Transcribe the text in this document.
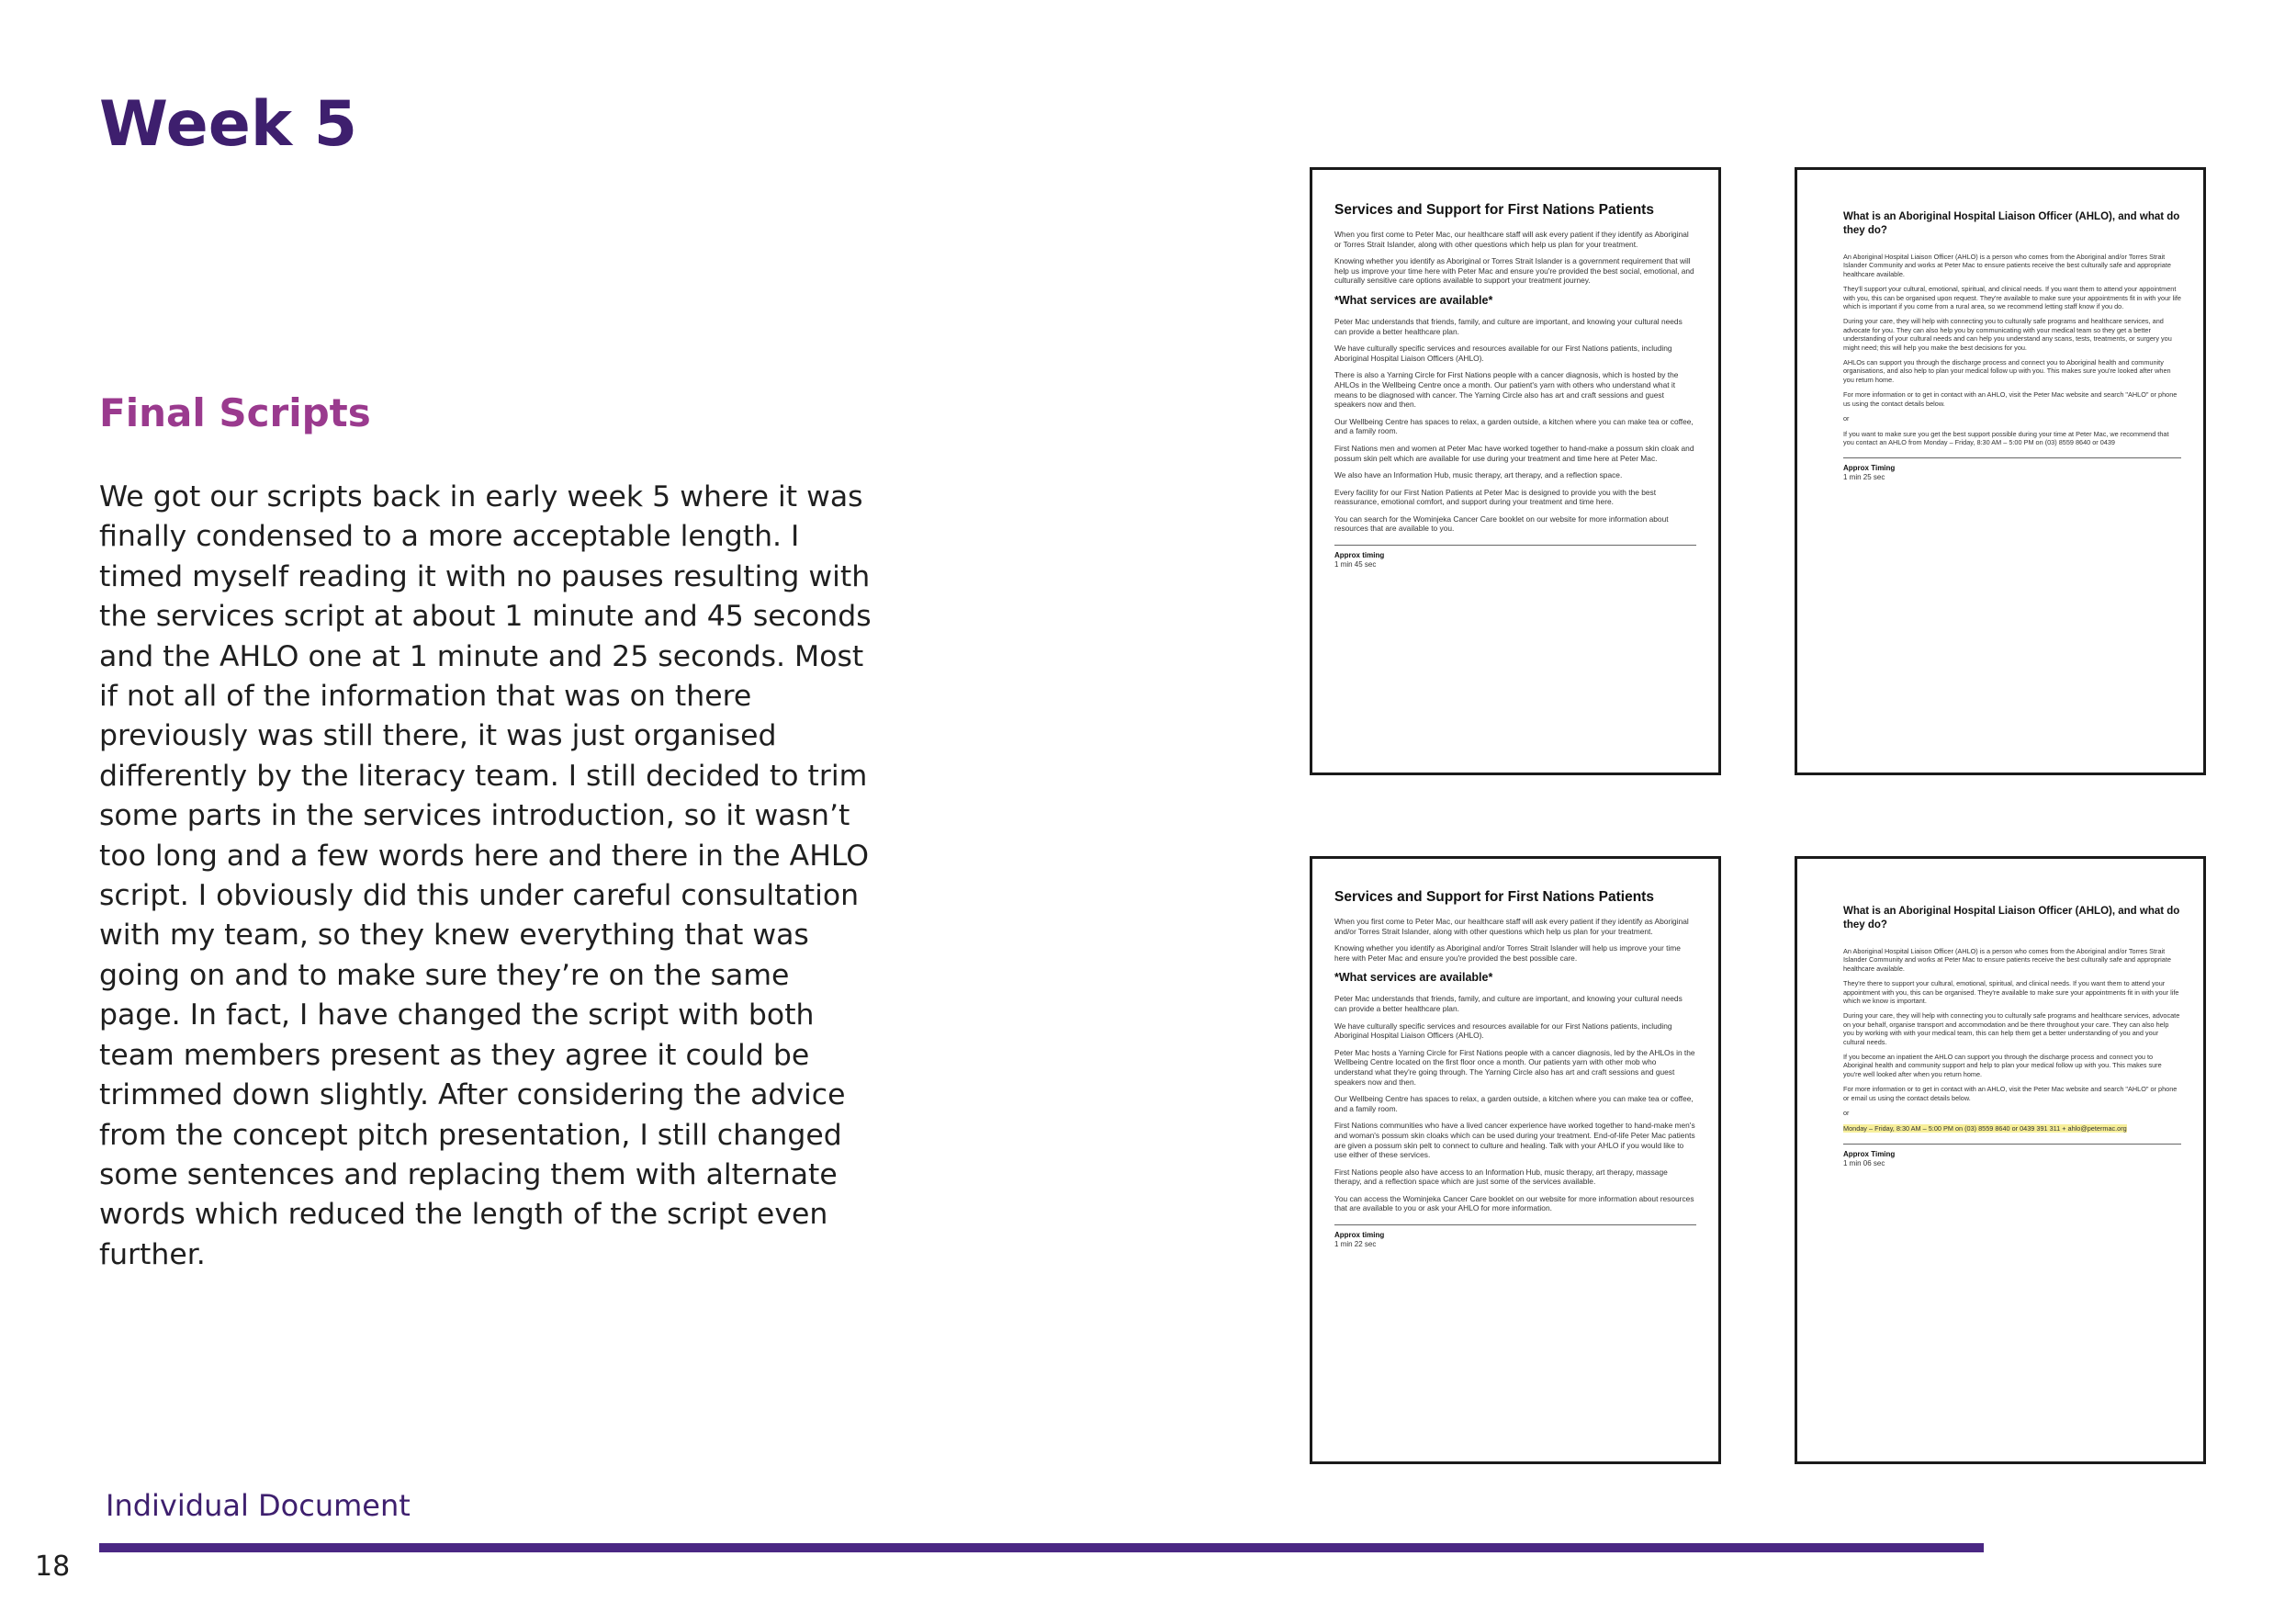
Week 5
Final Scripts

We got our scripts back in early week 5 where it was finally condensed to a more acceptable length. I timed myself reading it with no pauses resulting with the services script at about 1 minute and 45 seconds and the AHLO one at 1 minute and 25 seconds. Most if not all of the information that was on there previously was still there, it was just organised differently by the literacy team. I still decided to trim some parts in the services introduction, so it wasn’t too long and a few words here and there in the AHLO script. I obviously did this under careful consultation with my team, so they knew everything that was going on and to make sure they’re on the same page. In fact, I have changed the script with both team members present as they agree it could be trimmed down slightly. After considering the advice from the concept pitch presentation, I still changed some sentences and replacing them with alternate words which reduced the length of the script even further.

Services and Support for First Nations Patients

When you first come to Peter Mac, our healthcare staff will ask every patient if they identify as Aboriginal or Torres Strait Islander, along with other questions which help us plan for your treatment.

Knowing whether you identify as Aboriginal or Torres Strait Islander is a government requirement that will help us improve your time here with Peter Mac and ensure you're provided the best social, emotional, and culturally sensitive care options available to support your treatment journey.

*What services are available*

Peter Mac understands that friends, family, and culture are important, and knowing your cultural needs can provide a better healthcare plan.

We have culturally specific services and resources available for our First Nations patients, including Aboriginal Hospital Liaison Officers (AHLO).

There is also a Yarning Circle for First Nations people with a cancer diagnosis, which is hosted by the AHLOs in the Wellbeing Centre once a month. Our patient's yarn with others who understand what it means to be diagnosed with cancer. The Yarning Circle also has art and craft sessions and guest speakers now and then.

Our Wellbeing Centre has spaces to relax, a garden outside, a kitchen where you can make tea or coffee, and a family room.

First Nations men and women at Peter Mac have worked together to hand-make a possum skin cloak and possum skin pelt which are available for use during your treatment and time here at Peter Mac.

We also have an Information Hub, music therapy, art therapy, and a reflection space.

Every facility for our First Nation Patients at Peter Mac is designed to provide you with the best reassurance, emotional comfort, and support during your treatment and time here.

You can search for the Wominjeka Cancer Care booklet on our website for more information about resources that are available to you.

Approx timing
1 min 45 sec
What is an Aboriginal Hospital Liaison Officer (AHLO), and what do they do?

An Aboriginal Hospital Liaison Officer (AHLO) is a person who comes from the Aboriginal and/or Torres Strait Islander Community and works at Peter Mac to ensure patients receive the best culturally safe and appropriate healthcare available.

They'll support your cultural, emotional, spiritual, and clinical needs. If you want them to attend your appointment with you, this can be organised upon request. They're available to make sure your appointments fit in with your life which is important if you come from a rural area, so we recommend letting staff know if you do.

During your care, they will help with connecting you to culturally safe programs and healthcare services, and advocate for you. They can also help you by communicating with your medical team so they get a better understanding of your cultural needs and can help you understand any scans, tests, treatments, or surgery you might need; this will help you make the best decisions for you.

AHLOs can support you through the discharge process and connect you to Aboriginal health and community organisations, and also help to plan your medical follow up with you. This makes sure you're looked after when you return home.

For more information or to get in contact with an AHLO, visit the Peter Mac website and search "AHLO" or phone us using the contact details below.

or

If you want to make sure you get the best support possible during your time at Peter Mac, we recommend that you contact an AHLO from Monday – Friday, 8:30 AM – 5:00 PM on (03) 8559 8640 or 0439

Approx Timing
1 min 25 sec
Services and Support for First Nations Patients

When you first come to Peter Mac, our healthcare staff will ask every patient if they identify as Aboriginal and/or Torres Strait Islander, along with other questions which help us plan for your treatment.

Knowing whether you identify as Aboriginal and/or Torres Strait Islander will help us improve your time here with Peter Mac and ensure you're provided the best possible care.

*What services are available*

Peter Mac understands that friends, family, and culture are important, and knowing your cultural needs can provide a better healthcare plan.

We have culturally specific services and resources available for our First Nations patients, including Aboriginal Hospital Liaison Officers (AHLO).

Peter Mac hosts a Yarning Circle for First Nations people with a cancer diagnosis, led by the AHLOs in the Wellbeing Centre located on the first floor once a month. Our patients yarn with other mob who understand what they're going through. The Yarning Circle also has art and craft sessions and guest speakers now and then.

Our Wellbeing Centre has spaces to relax, a garden outside, a kitchen where you can make tea or coffee, and a family room.

First Nations communities who have a lived cancer experience have worked together to hand-make men's and woman's possum skin cloaks which can be used during your treatment. End-of-life Peter Mac patients are given a possum skin pelt to connect to culture and healing. Talk with your AHLO if you would like to use either of these services.

First Nations people also have access to an Information Hub, music therapy, art therapy, massage therapy, and a reflection space which are just some of the services available.

You can access the Wominjeka Cancer Care booklet on our website for more information about resources that are available to you or ask your AHLO for more information.

Approx timing
1 min 22 sec
What is an Aboriginal Hospital Liaison Officer (AHLO), and what do they do?

An Aboriginal Hospital Liaison Officer (AHLO) is a person who comes from the Aboriginal and/or Torres Strait Islander Community and works at Peter Mac to ensure patients receive the best culturally safe and appropriate healthcare available.

They're there to support your cultural, emotional, spiritual, and clinical needs. If you want them to attend your appointment with you, this can be organised. They're available to make sure your appointments fit in with your life which we know is important.

During your care, they will help with connecting you to culturally safe programs and healthcare services, advocate on your behalf, organise transport and accommodation and be there throughout your care. They can also help you by working with with your medical team, this can help them get a better understanding of you and your cultural needs.

If you become an inpatient the AHLO can support you through the discharge process and connect you to Aboriginal health and community support and help to plan your medical follow up with you. This makes sure you're well looked after when you return home.

For more information or to get in contact with an AHLO, visit the Peter Mac website and search "AHLO" or phone or email us using the contact details below.

or

Monday – Friday, 8:30 AM – 5:00 PM on (03) 8559 8640 or 0439 391 311 + ahlo@petermac.org

Approx Timing
1 min 06 sec
Individual Document
18
